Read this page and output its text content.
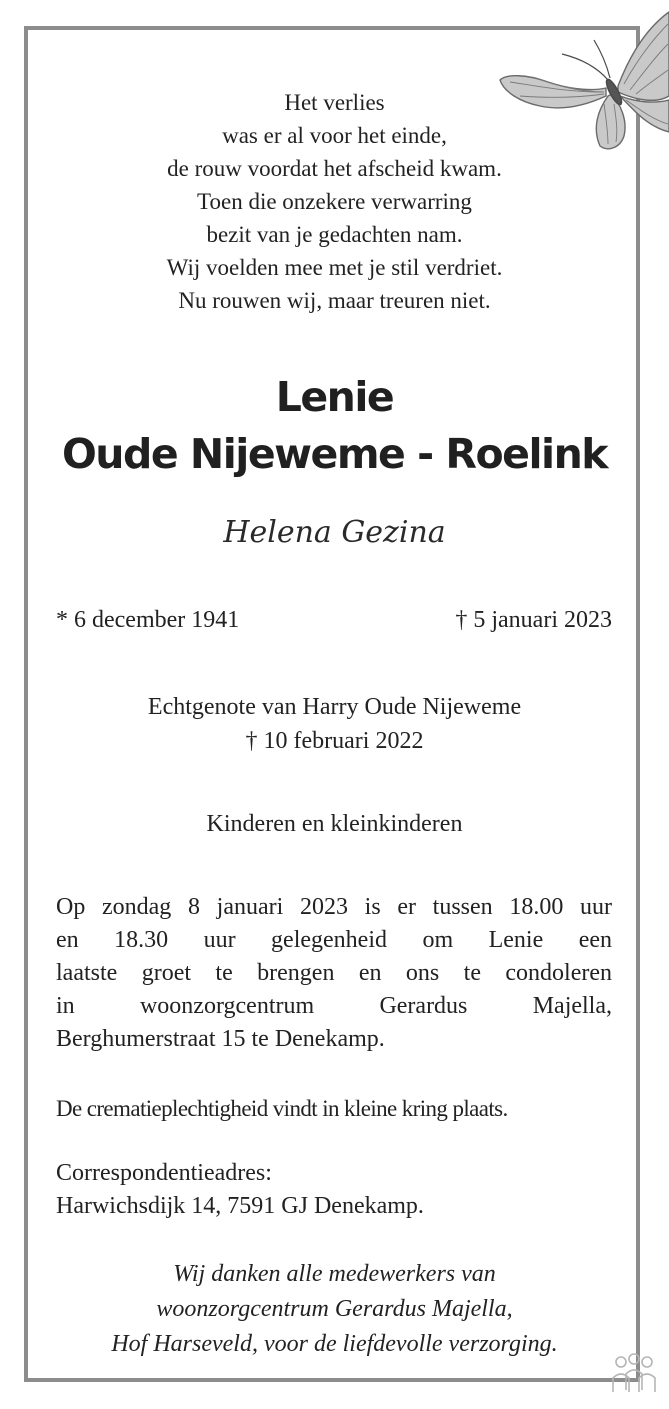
Het verlies
was er al voor het einde,
de rouw voordat het afscheid kwam.
Toen die onzekere verwarring
bezit van je gedachten nam.
Wij voelden mee met je stil verdriet.
Nu rouwen wij, maar treuren niet.
Lenie
Oude Nijeweme - Roelink
Helena Gezina
* 6 december 1941	† 5 januari 2023
Echtgenote van Harry Oude Nijeweme
† 10 februari 2022
Kinderen en kleinkinderen
Op zondag 8 januari 2023 is er tussen 18.00 uur
en 18.30 uur gelegenheid om Lenie een
laatste groet te brengen en ons te condoleren
in woonzorgcentrum Gerardus Majella,
Berghumerstraat 15 te Denekamp.
De crematieplechtigheid vindt in kleine kring plaats.
Correspondentieadres:
Harwichsdijk 14, 7591 GJ Denekamp.
Wij danken alle medewerkers van
woonzorgcentrum Gerardus Majella,
Hof Harseveld, voor de liefdevolle verzorging.
